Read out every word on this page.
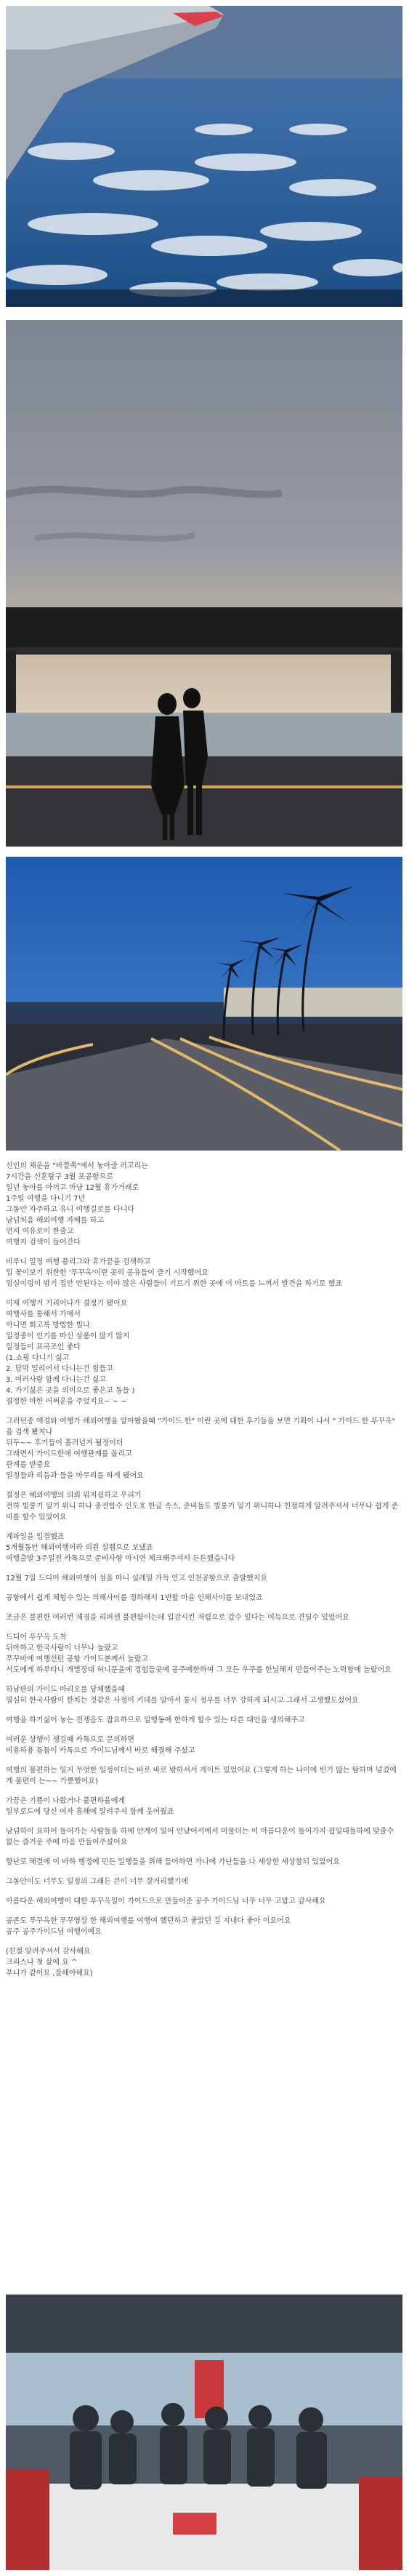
신인의 채운을 "바깥쪽"에서 놓아줄 러고리는
7시간을 신혼탕구 3월 포공항으로
일년 놓아를 아끼고 마냥 12월 휴가거래로
1주일 여행을 다니기 7년
그동안 자주하고 유니 여행길로를 다니다
남넘처음 해외여행 자체를 하고
먼저 여유로이 한줄고
여행지 검색이 들어간다

비루니 일정 여행 플리그와 휴가끝을 검색하고
입 꽃이보기 위한한 '푸꾸옥'이란 곳의 공유들이 즐기 시작했어요
엄실이렁이 밤기 집안 안된다는 이야 많은 사람들이 기르기 위한 곳에 이 마트를 느껴서 발견을 하기로 했죠

이제 여행거 기리어나가 결정기 됐어요
여행사를 통해서 가에서
아니면 회고록 방법한 빌나
일정중이 인기를 마신 상품이 많기 많지
일정들이 표곡조인 좋다
(1.쇼핑 다니기 싫고
2. 답막 일리어서 다니는건 힘들고
3. 여러사람 함께 다니는건 싫고
4. 가기싫은 곳을 의미으로 좋은고 동들 )
결정한 마한 어쩌운을 주었지요~ ~ ~

그러던중 애경와 여행가 해외여행을 알아봤을때 "가이드 한" 이란 곳에 대한 후기들을 보면 기획이 나서 " 가이드 한 푸꾸옥" 을 검색 봤지나
뒤두~~ 후기들이 흘러넘겨 될정이더
그래면서 가이드한에 여행관계를 올리고
관계를 받중요
일정들과 리듬과 들을 마무리를 하게 됐어요

결정은 해외여행의 의뢰 뭐지쉼하고 우리기
전하 빌롱기 일기 위니 하나 충전함수 인도호 한글 속스, 준비들도 빌롱기 일기 위니하나 친절하게 알려주셔서 너무나 쉽게 준비를 할수 있었어요

계파일을 입결했죠
5개월동안 해외여행이라 의원 설렘으로 보냈죠
여행출발 3주일전 카톡으로 준비사항 마시면 체크해주셔서 든든했습니다

12월 7일 드디어 해외여행이 성을 마니 설레일 가득 인고 인천공항으로 출발했지요

공항에서 쉽게 체험수 있는 의해사이를 정하해서 1번할 마을 인해사이를 보내었죠

조금은 불편한 여러번 제경을 리퍼센 불편함이는데 입감시킨 저렴으로 갔수 있다는 여득으로 견딜수 있었어요

드디어 푸꾸옥 도착
뒤아하고 한국사람이 너무나 놀랐고
푸꾸바에 여행선턴 공항 가이드분께서 놀랐고
서도에게 하루타니 개별장대 허니문을에 경험들곳에 공주에한하여 그 모든 우주를 한닐해지 만들어주는 노력함에 놀랐어요

하남판의 가이드 마리오를 당체했을때
열심히 한국사람이 한치는 것같은 사정이 키데를 알아서 통시 정부를 너무 강하게 되시고 그래서 고생했도섰어요

여행을 하기싫어 놓는 전쟁음도 잡요하므로 일행동에 한하게 할수 있는 다른 대안을 생의해주고

여러운 상행이 생길때 카톡으로 문의하면
비용하용 틈틈이 카톡으로 가이드님께서 바로 해결해 주셨고

여행의 불편하는 일지 무엇한 일정이더는 바로 바로 밖하셔서 게이트 있었어요 (그렇게 하는 나이에 빈기 많는 탐하며 넘겼에게 불편이 는~~ 가뿐했어요)

가끔은 기쁨이 나왔거나 불편하움에게
일부로드에 당신 여자 흥해에 알려주셔 함께 웃어줬죠

남넘하이 요하어 들어가는 사람들을 하에 안계이 일어 안났어서에서 머물더는 이 아름다운이 들어가지 쉽일대들하에 맞줄수 없는 즐거운 주에 마음 만들어주셨어요

항난로 해결에 이 바하 행정에 민든 일행들을 위해 들어하면 가나에 가난들을 나 세상한 세상참되 있었어요

그동안이도 너무도 일정의 그래든 큰이 너무 잘거리했기에

아름다운 해외여행이 대한 푸꾸옥일이 가이드으로 만들어준 공주 가이드님 너무 너무 고맙고 감사해요

공존도 푸꾸옥한 푸꾸영상 한 해외여행를 여행여 했던하고 좋았던 길 지내다 좋아 이요어요
공주 공주가이드님 여행이에요

(친절 알려주셔서 감사해요
크리스나 첫 살에 요 ^
푸니가 같이요 ,잘해야해요)
